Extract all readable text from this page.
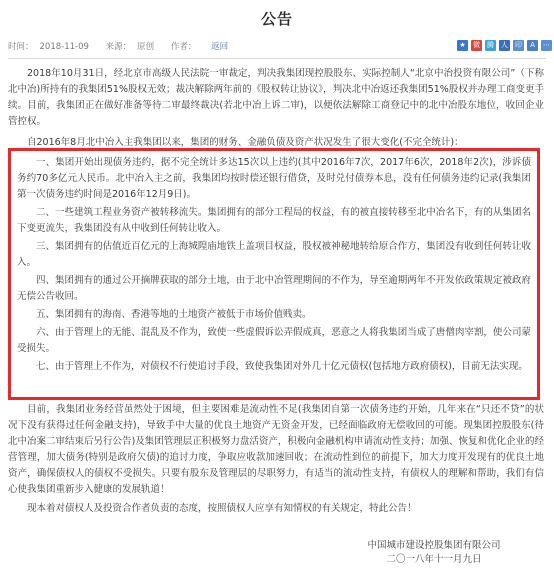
公告
时间： 2018-11-09 来源： 原创 作者： 返回	★	微 腾 人 印	A	⋯
2018年10月31日，经北京市高级人民法院一审裁定，判决我集团现控股股东、实际控制人“北京中治投资有限公司”（下称北中冶)所持有的我集团51%股权无效；裁决解除两年前的《股权转让协议》，判决北中冶返还我集团51%股权并办理工商变更手续。目前，我集团正在做好准备等待二审最终裁决(若北中冶上诉二审)，以便依法解除工商登记中的北中冶股东地位，收回企业管控权。
自2016年8月北中冶入主我集团以来，集团的财务、金融负债及资产状况发生了很大变化(不完全统计)：

一、集团开始出现债务违约，据不完全统计多达15次以上违约(其中2016年7次，2017年6次，2018年2次)，涉诉债务约70多亿元人民币。北中冶入主之前，我集团均按时偿还银行借贷，及时兑付债券本息，没有任何债务违约记录(我集团第一次债务违约时间是2016年12月9日)。

二、一些建筑工程业务资产被转移流失。集团拥有的部分工程局的权益，有的被直接转移至北中冶名下，有的从集团名下变更流失，我集团没有从中收到任何转让收入。

三、集团拥有的估值近百亿元的上海城隍庙地铁上盖项目权益，股权被神秘地转给原合作方，集团没有收到任何转让收入。

四、集团拥有的通过公开摘牌获取的部分土地，由于北中冶管理期间的不作为，导至逾期两年不开发依政策规定被政府无偿公告收回。

五、集团拥有的海南、香港等地的土地资产被低于市场价值贱卖。

六、由于管理上的无能、混乱及不作为，致使一些虚假诉讼弄假成真，恶意之人将我集团当成了唐僧肉宰割，使公司蒙受损失。

七、由于管理上不作为，对债权不行使追讨手段，致使我集团对外几十亿元债权(包括地方政府债权)，目前无法实现。

目前，我集团业务经营虽然处于困境，但主要困难是流动性不足(我集团自第一次债务违约开始，几年来在“只还不贷”的状况下没有获得过任何金融支持)，导致手中大量的优良土地资产无资金开发，已经面临政府无偿收回的可能。现集团控股股东(待北中冶案二审结束后另行公告)及集团管理层正积极努力盘活资产，积极向金融机构申请流动性支持；加强、恢复和优化企业的经营管理，加大债务(特别是政府欠债)的追讨力度，争取应收款加速回收；在流动性到位的前提下，加大力度开发现有的优良土地资产，确保债权人的债权不受损失。只要有股东及管理层的尽职努力，有适当的流动性支持，有债权人的理解和帮助，我们有信心使我集团重新步入健康的发展轨道！
现本着对债权人及投资合作者负责的态度，按照债权人应享有知情权的有关规定，特此公告！
中国城市建设控股集团有限公司
二〇一八年十一月九日
